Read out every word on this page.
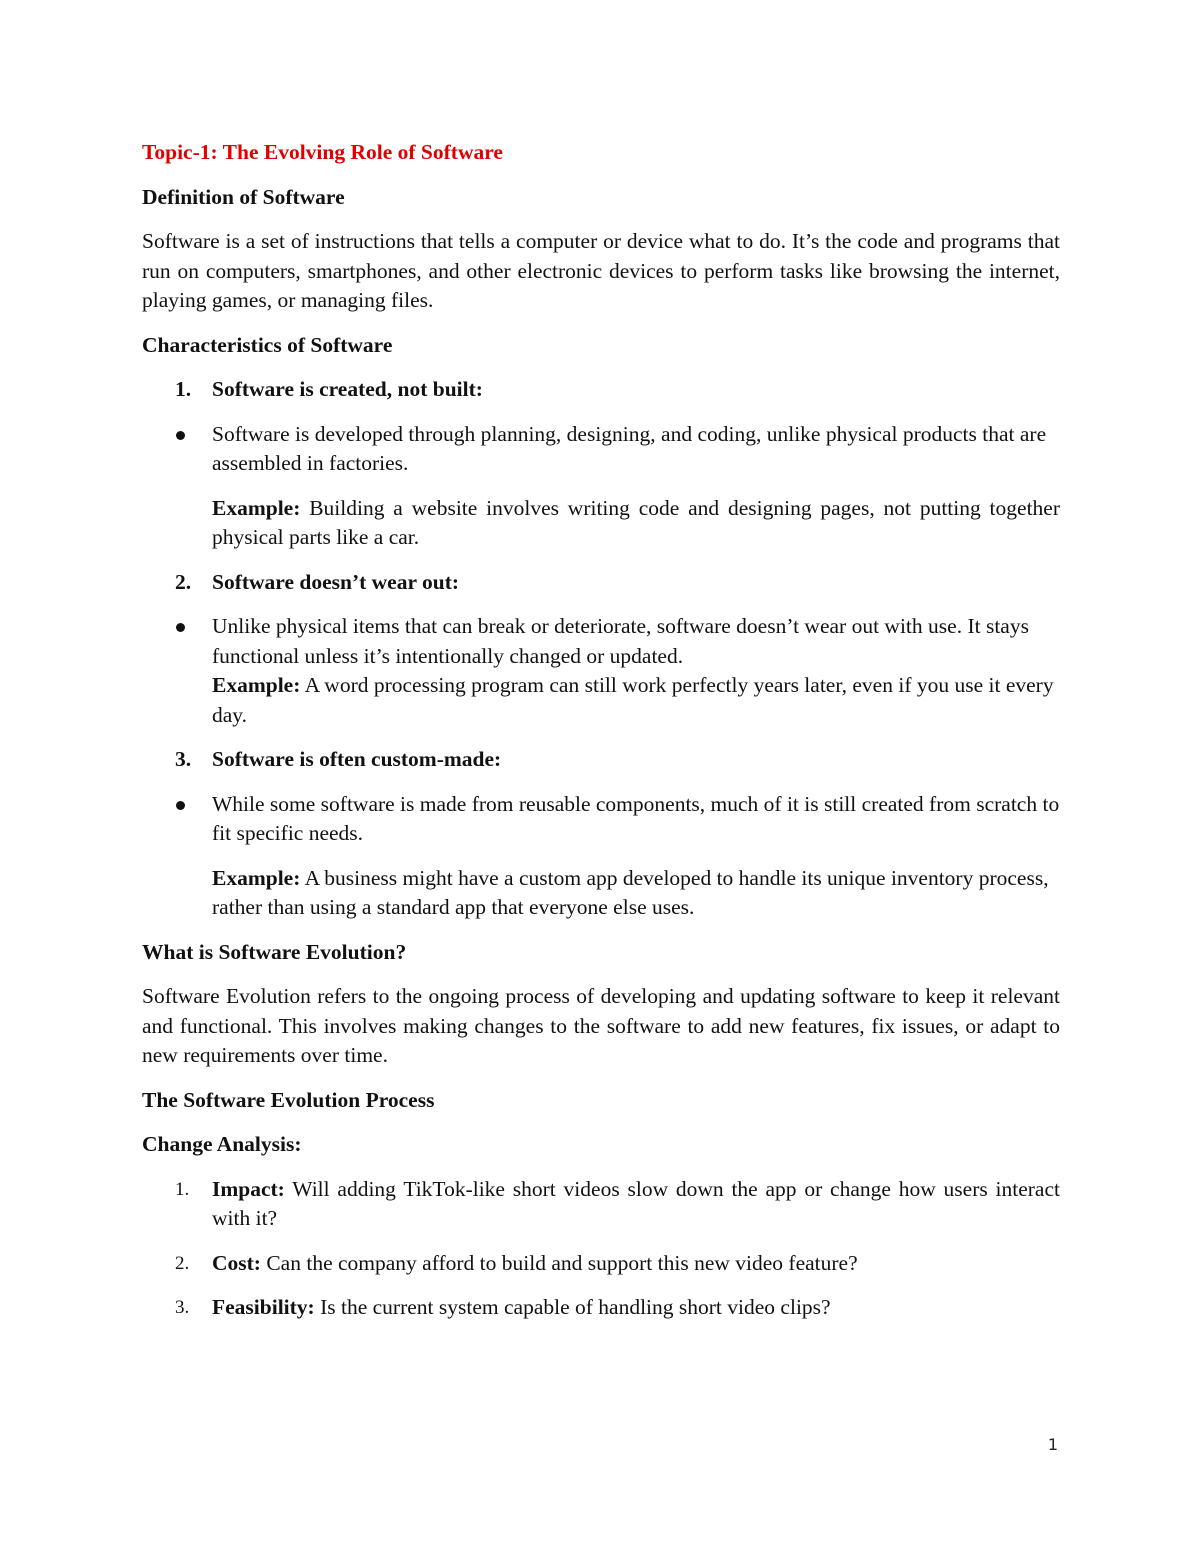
Topic-1: The Evolving Role of Software
Definition of Software

Software is a set of instructions that tells a computer or device what to do. It’s the code and programs that run on computers, smartphones, and other electronic devices to perform tasks like browsing the internet, playing games, or managing files.

Characteristics of Software
1. Software is created, not built:
Software is developed through planning, designing, and coding, unlike physical products that are assembled in factories.
Example: Building a website involves writing code and designing pages, not putting together physical parts like a car.
2. Software doesn’t wear out:
Unlike physical items that can break or deteriorate, software doesn’t wear out with use. It stays functional unless it’s intentionally changed or updated.
Example: A word processing program can still work perfectly years later, even if you use it every day.
3. Software is often custom-made:
While some software is made from reusable components, much of it is still created from scratch to fit specific needs.
Example: A business might have a custom app developed to handle its unique inventory process, rather than using a standard app that everyone else uses.
What is Software Evolution?

Software Evolution refers to the ongoing process of developing and updating software to keep it relevant and functional. This involves making changes to the software to add new features, fix issues, or adapt to new requirements over time.

The Software Evolution Process
Change Analysis:
1. Impact: Will adding TikTok-like short videos slow down the app or change how users interact with it?
2. Cost: Can the company afford to build and support this new video feature?
3. Feasibility: Is the current system capable of handling short video clips?
1
